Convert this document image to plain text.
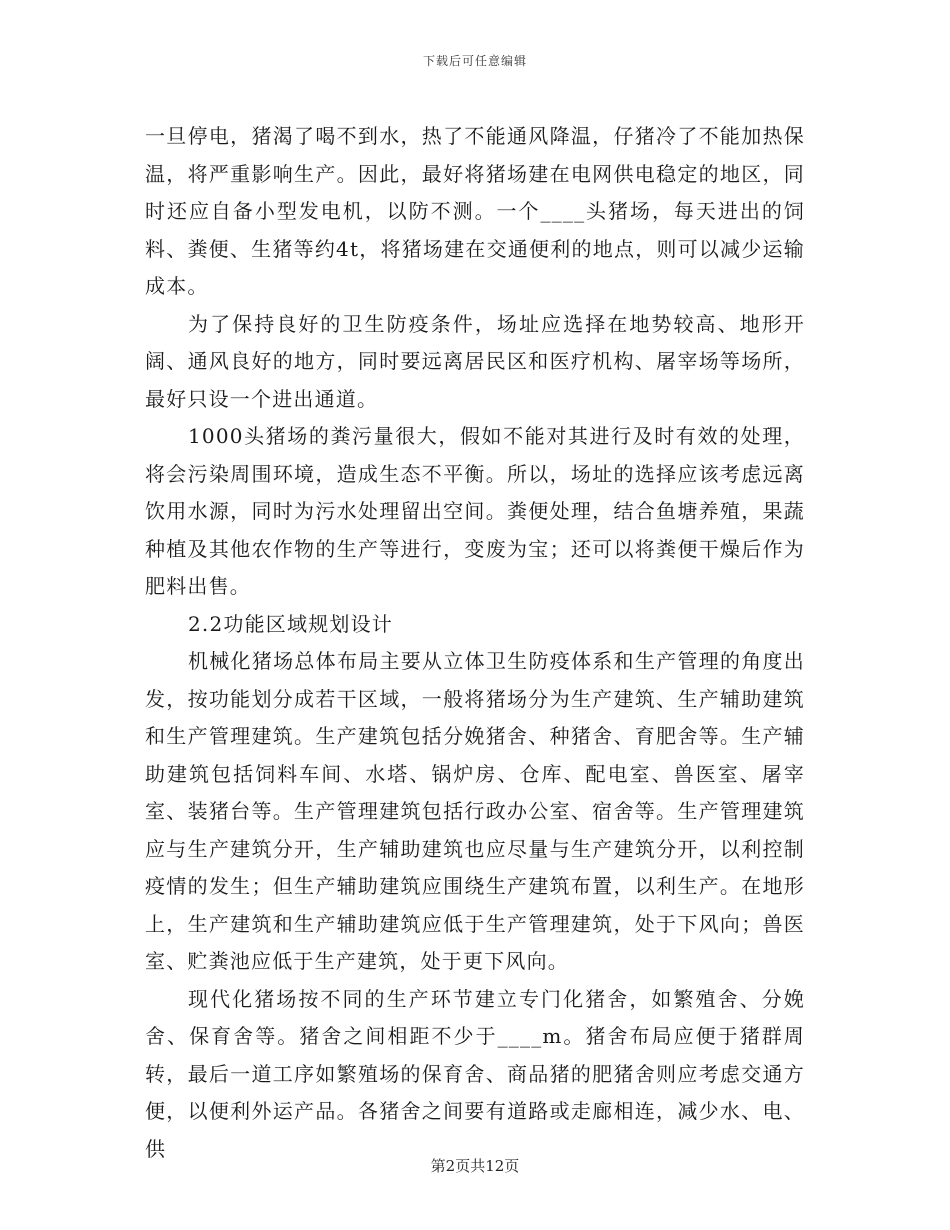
下载后可任意编辑

一旦停电，猪渴了喝不到水，热了不能通风降温，仔猪冷了不能加热保温，将严重影响生产。因此，最好将猪场建在电网供电稳定的地区，同时还应自备小型发电机，以防不测。一个____头猪场，每天进出的饲料、粪便、生猪等约4t，将猪场建在交通便利的地点，则可以减少运输成本。

为了保持良好的卫生防疫条件，场址应选择在地势较高、地形开阔、通风良好的地方，同时要远离居民区和医疗机构、屠宰场等场所，最好只设一个进出通道。

1000头猪场的粪污量很大，假如不能对其进行及时有效的处理，将会污染周围环境，造成生态不平衡。所以，场址的选择应该考虑远离饮用水源，同时为污水处理留出空间。粪便处理，结合鱼塘养殖，果蔬种植及其他农作物的生产等进行，变废为宝；还可以将粪便干燥后作为肥料出售。

2.2功能区域规划设计

机械化猪场总体布局主要从立体卫生防疫体系和生产管理的角度出发，按功能划分成若干区域，一般将猪场分为生产建筑、生产辅助建筑和生产管理建筑。生产建筑包括分娩猪舍、种猪舍、育肥舍等。生产辅助建筑包括饲料车间、水塔、锅炉房、仓库、配电室、兽医室、屠宰室、装猪台等。生产管理建筑包括行政办公室、宿舍等。生产管理建筑应与生产建筑分开，生产辅助建筑也应尽量与生产建筑分开，以利控制疫情的发生；但生产辅助建筑应围绕生产建筑布置，以利生产。在地形上，生产建筑和生产辅助建筑应低于生产管理建筑，处于下风向；兽医室、贮粪池应低于生产建筑，处于更下风向。

现代化猪场按不同的生产环节建立专门化猪舍，如繁殖舍、分娩舍、保育舍等。猪舍之间相距不少于____m。猪舍布局应便于猪群周转，最后一道工序如繁殖场的保育舍、商品猪的肥猪舍则应考虑交通方便，以便利外运产品。各猪舍之间要有道路或走廊相连，减少水、电、供

第2页共12页
